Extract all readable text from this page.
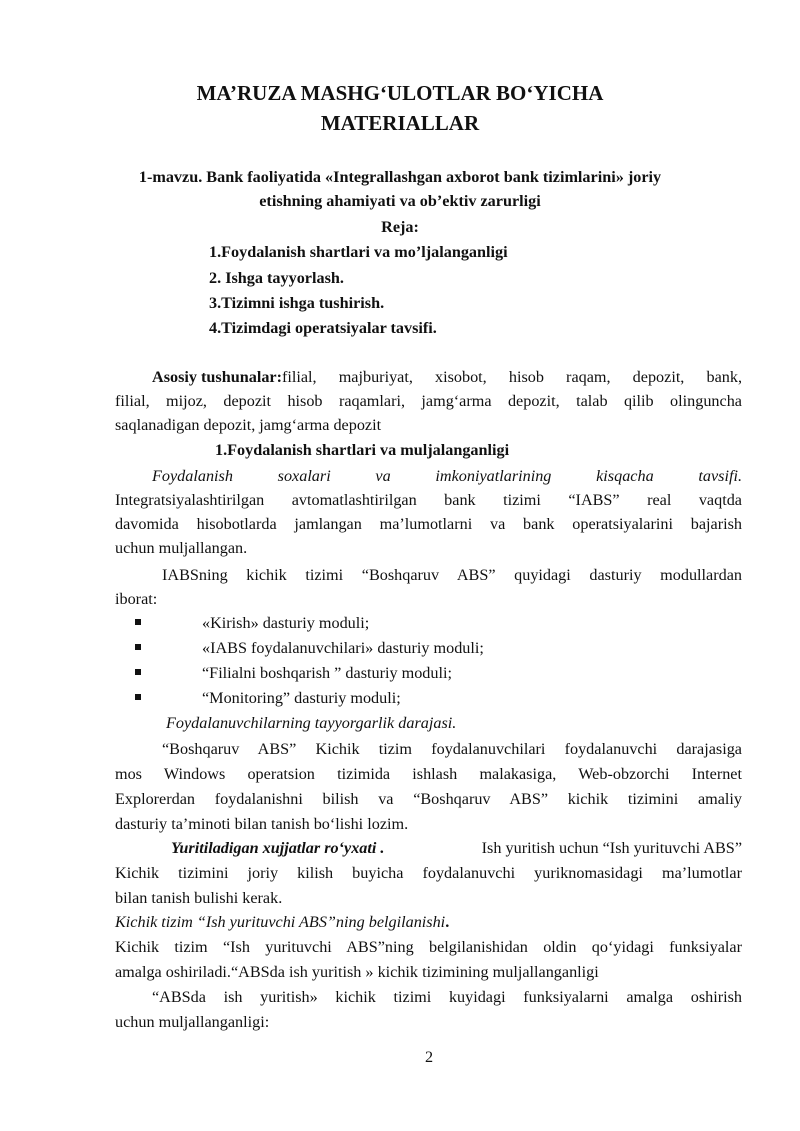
MA’RUZA MASHG‘ULOTLAR BO‘YICHA
MATERIALLAR
1-mavzu. Bank faoliyatida «Integrallashgan axborot bank tizimlarini» joriy
etishning ahamiyati va ob’ektiv zarurligi
Reja:
1.Foydalanish shartlari va mo’ljalanganligi
2. Ishga tayyorlash.
3.Tizimni ishga tushirish.
4.Tizimdagi operatsiyalar tavsifi.
Asosiy tushunalar: filial, majburiyat, xisobot, hisob raqam, depozit, bank,
filial, mijoz, depozit hisob raqamlari, jamg‘arma depozit, talab qilib olinguncha
saqlanadigan depozit, jamg‘arma depozit
1.Foydalanish shartlari va muljalanganligi
Foydalanish soxalari va imkoniyatlarining kisqacha tavsifi.
Integratsiyalashtirilgan avtomatlashtirilgan bank tizimi “IABS” real vaqtda
davomida hisobotlarda jamlangan ma’lumotlarni va bank operatsiyalarini bajarish
uchun muljallangan.
IABSning kichik tizimi “Boshqaruv ABS” quyidagi dasturiy modullardan
iborat:
«Kirish» dasturiy moduli;
«IABS foydalanuvchilari» dasturiy moduli;
“Filialni boshqarish ” dasturiy moduli;
“Monitoring” dasturiy moduli;
Foydalanuvchilarning tayyorgarlik darajasi.
“Boshqaruv ABS” Kichik tizim foydalanuvchilari foydalanuvchi darajasiga
mos Windows operatsion tizimida ishlash malakasiga, Web-obzorchi Internet
Explorerdan foydalanishni bilish va “Boshqaruv ABS” kichik tizimini amaliy
dasturiy ta’minoti bilan tanish bo‘lishi lozim.
Yuritiladigan xujjatlar ro‘yxati .	Ish yuritish uchun “Ish yurituvchi ABS”
Kichik tizimini joriy kilish buyicha foydalanuvchi yuriknomasidagi ma’lumotlar
bilan tanish bulishi kerak.
Kichik tizim “Ish yurituvchi ABS”ning belgilanishi.
Kichik tizim “Ish yurituvchi ABS”ning belgilanishidan oldin qo‘yidagi funksiyalar
amalga oshiriladi.“ABSda ish yuritish » kichik tizimining muljallanganligi
“ABSda ish yuritish» kichik tizimi kuyidagi funksiyalarni amalga oshirish
uchun muljallanganligi:
2
